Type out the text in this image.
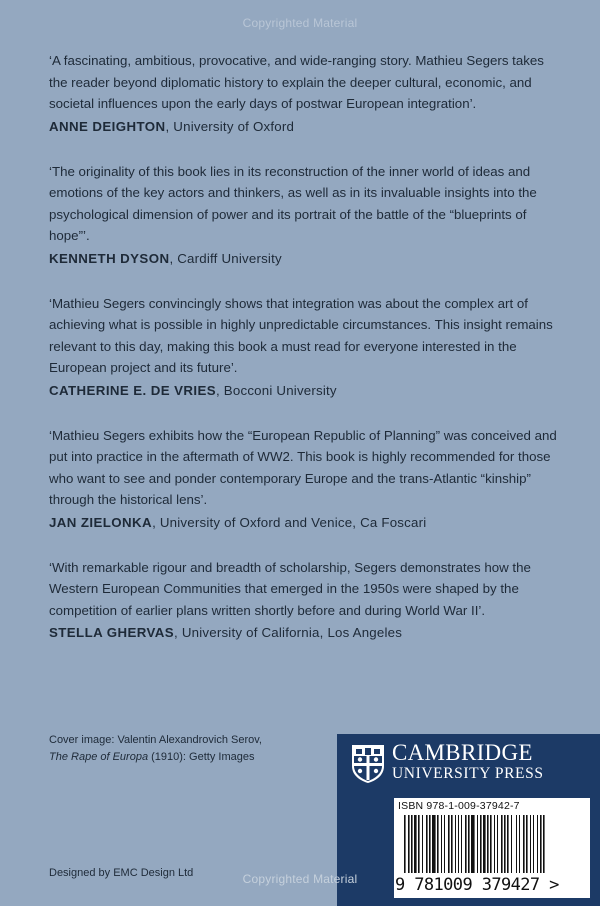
Copyrighted Material

‘A fascinating, ambitious, provocative, and wide-ranging story. Mathieu Segers takes the reader beyond diplomatic history to explain the deeper cultural, economic, and societal influences upon the early days of postwar European integration’.

ANNE DEIGHTON, University of Oxford

‘The originality of this book lies in its reconstruction of the inner world of ideas and emotions of the key actors and thinkers, as well as in its invaluable insights into the psychological dimension of power and its portrait of the battle of the “blueprints of hope”’.

KENNETH DYSON, Cardiff University

‘Mathieu Segers convincingly shows that integration was about the complex art of achieving what is possible in highly unpredictable circumstances. This insight remains relevant to this day, making this book a must read for everyone interested in the European project and its future’.

CATHERINE E. DE VRIES, Bocconi University

‘Mathieu Segers exhibits how the “European Republic of Planning” was conceived and put into practice in the aftermath of WW2. This book is highly recommended for those who want to see and ponder contemporary Europe and the trans-Atlantic “kinship” through the historical lens’.

JAN ZIELONKA, University of Oxford and Venice, Ca Foscari

‘With remarkable rigour and breadth of scholarship, Segers demonstrates how the Western European Communities that emerged in the 1950s were shaped by the competition of earlier plans written shortly before and during World War II’.

STELLA GHERVAS, University of California, Los Angeles

Cover image: Valentin Alexandrovich Serov,
The Rape of Europa (1910): Getty Images
Designed by EMC Design Ltd
CAMBRIDGE
UNIVERSITY PRESS
ISBN 978-1-009-37942-7
9 781009 379427 >
Copyrighted Material
